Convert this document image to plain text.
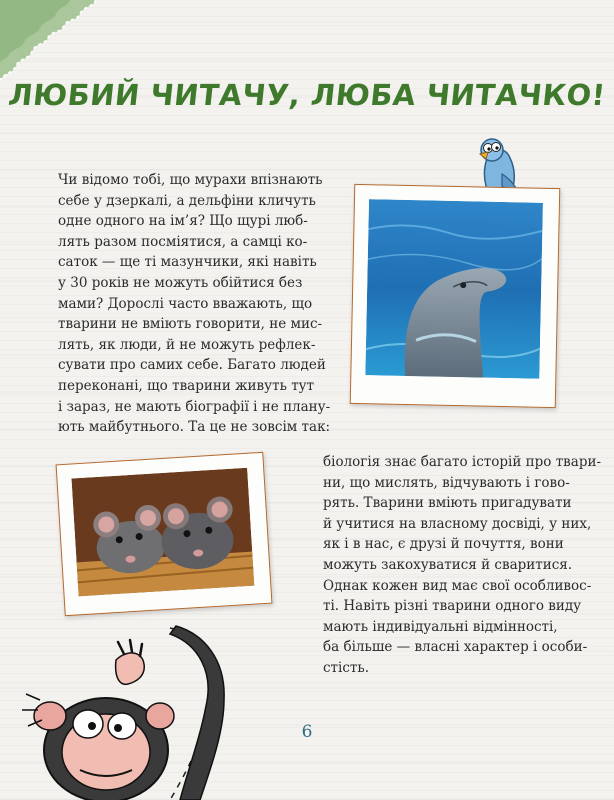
ЛЮБИЙ ЧИТАЧУ, ЛЮБА ЧИТАЧКО!
Чи відомо тобі, що мурахи впізнають
себе у дзеркалі, а дельфіни кличуть
одне одного на ім’я? Що щурі люб-
лять разом посміятися, а самці ко-
саток — ще ті мазунчики, які навіть
у 30 років не можуть обійтися без
мами? Дорослі часто вважають, що
тварини не вміють говорити, не мис-
лять, як люди, й не можуть рефлек-
сувати про самих себе. Багато людей
переконані, що тварини живуть тут
і зараз, не мають біографії і не плану-
ють майбутнього. Та це не зовсім так:
біологія знає багато історій про твари-
ни, що мислять, відчувають і гово-
рять. Тварини вміють пригадувати
й учитися на власному досвіді, у них,
як і в нас, є друзі й почуття, вони
можуть закохуватися й сваритися.
Однак кожен вид має свої особливос-
ті. Навіть різні тварини одного виду
мають індивідуальні відмінності,
ба більше — власні характер і особи-
стість.
6
